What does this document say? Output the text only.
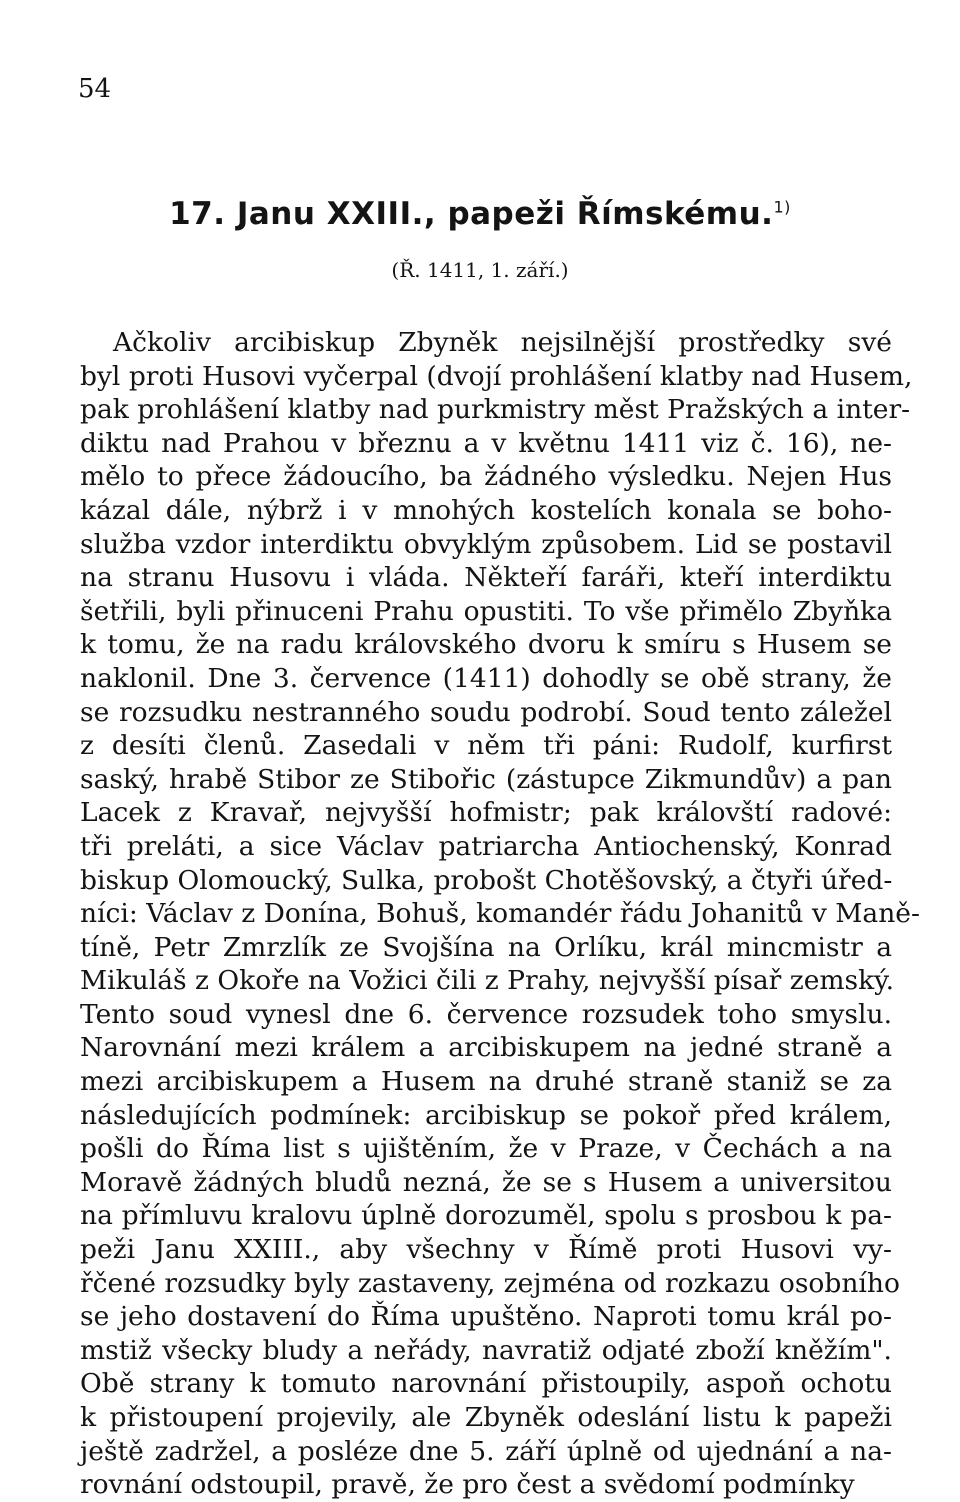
54
17. Janu XXIII., papeži Římskému.$^{1)}$
(Ř. 1411, 1. září.)
Ačkoliv arcibiskup Zbyněk nejsilnější prostředky své
byl proti Husovi vyčerpal (dvojí prohlášení klatby nad Husem,
pak prohlášení klatby nad purkmistry měst Pražských a inter-
diktu nad Prahou v březnu a v květnu 1411 viz č. 16), ne-
mělo to přece žádoucího, ba žádného výsledku. Nejen Hus
kázal dále, nýbrž i v mnohých kostelích konala se boho-
služba vzdor interdiktu obvyklým způsobem. Lid se postavil
na stranu Husovu i vláda. Někteří faráři, kteří interdiktu
šetřili, byli přinuceni Prahu opustiti. To vše přimělo Zbyňka
k tomu, že na radu královského dvoru k smíru s Husem se
naklonil. Dne 3. července (1411) dohodly se obě strany, že
se rozsudku nestranného soudu podrobí. Soud tento záležel
z desíti členů. Zasedali v něm tři páni: Rudolf, kurfirst
saský, hrabě Stibor ze Stibořic (zástupce Zikmundův) a pan
Lacek z Kravař, nejvyšší hofmistr; pak královští radové:
tři preláti, a sice Václav patriarcha Antiochenský, Konrad
biskup Olomoucký, Sulka, probošt Chotěšovský, a čtyři úřed-
níci: Václav z Donína, Bohuš, komandér řádu Johanitů v Maně-
tíně, Petr Zmrzlík ze Svojšína na Orlíku, král mincmistr a
Mikuláš z Okoře na Vožici čili z Prahy, nejvyšší písař zemský.
Tento soud vynesl dne 6. července rozsudek toho smyslu.
Narovnání mezi králem a arcibiskupem na jedné straně a
mezi arcibiskupem a Husem na druhé straně staniž se za
následujících podmínek: arcibiskup se pokoř před králem,
pošli do Říma list s ujištěním, že v Praze, v Čechách a na
Moravě žádných bludů nezná, že se s Husem a universitou
na přímluvu kralovu úplně dorozuměl, spolu s prosbou k pa-
peži Janu XXIII., aby všechny v Římě proti Husovi vy-
řčené rozsudky byly zastaveny, zejména od rozkazu osobního
se jeho dostavení do Říma upuštěno. Naproti tomu král po-
mstiž všecky bludy a neřády, navratiž odjaté zboží kněžím".
Obě strany k tomuto narovnání přistoupily, aspoň ochotu
k přistoupení projevily, ale Zbyněk odeslání listu k papeži
ještě zadržel, a posléze dne 5. září úplně od ujednání a na-
rovnání odstoupil, pravě, že pro čest a svědomí podmínky
